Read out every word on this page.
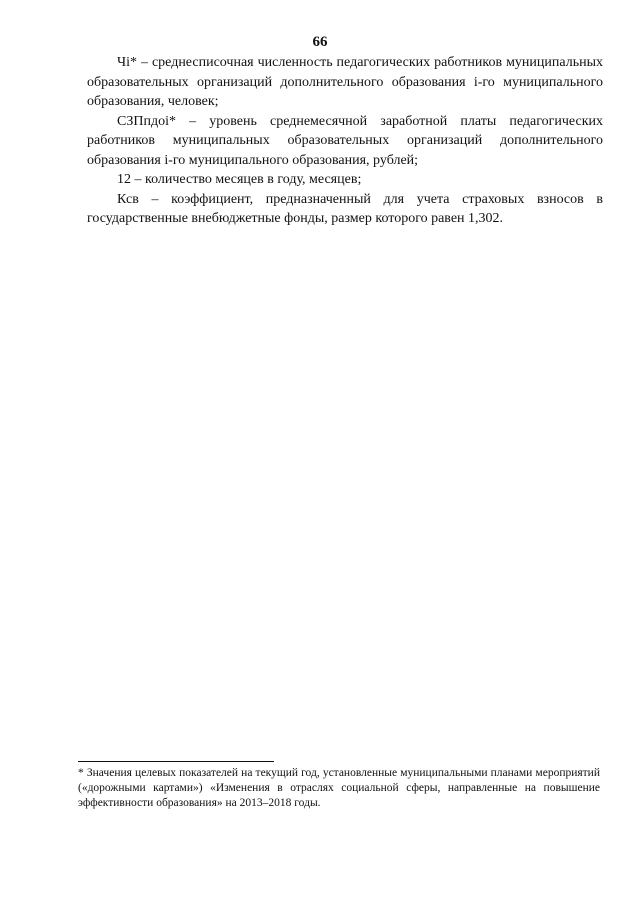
66

Чi* – среднесписочная численность педагогических работников муниципальных образовательных организаций дополнительного образования i-го муниципального образования, человек;

СЗПпдоi* – уровень среднемесячной заработной платы педагогических работников муниципальных образовательных организаций дополнительного образования i-го муниципального образования, рублей;

12 – количество месяцев в году, месяцев;

Ксв – коэффициент, предназначенный для учета страховых взносов в государственные внебюджетные фонды, размер которого равен 1,302.

* Значения целевых показателей на текущий год, установленные муниципальными планами мероприятий («дорожными картами») «Изменения в отраслях социальной сферы, направленные на повышение эффективности образования» на 2013–2018 годы.
